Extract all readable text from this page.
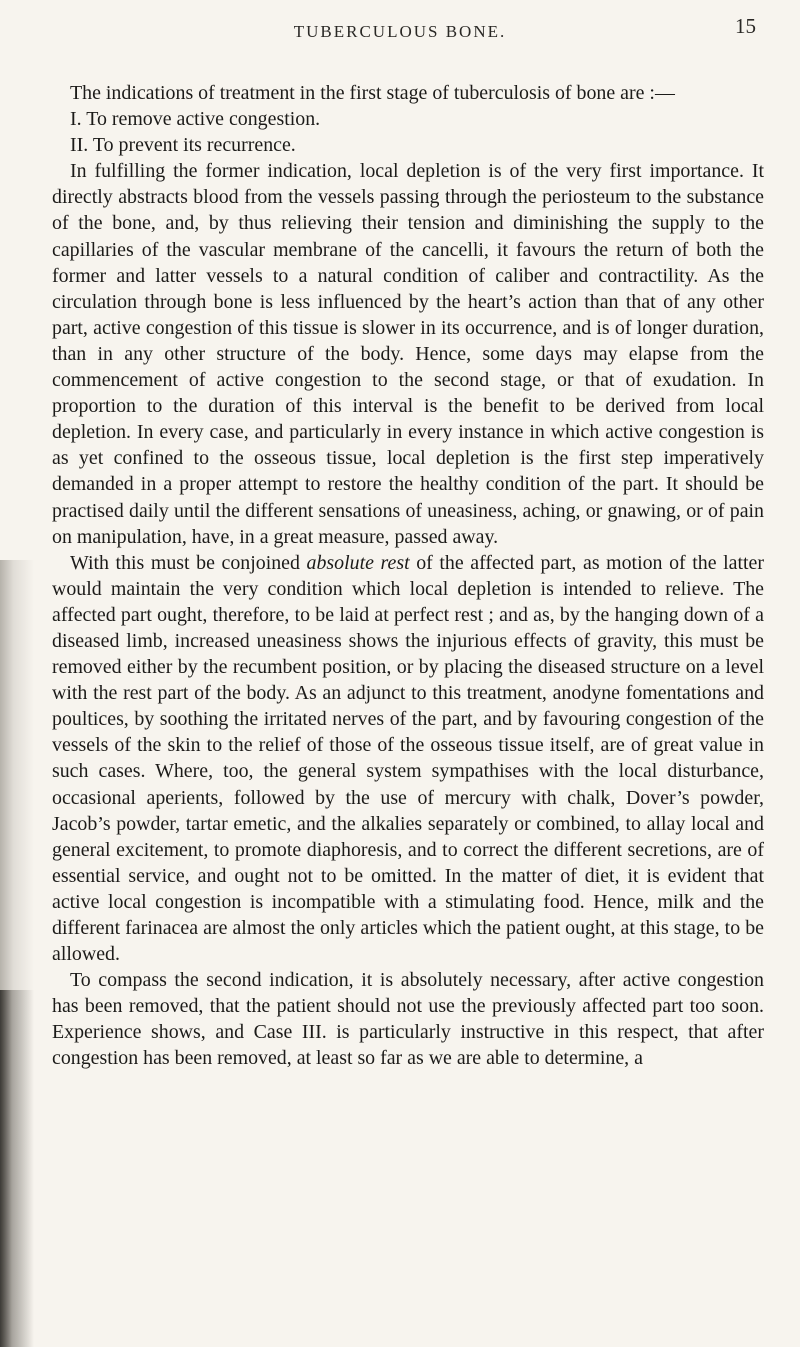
TUBERCULOUS BONE.	15

The indications of treatment in the first stage of tuberculosis of bone are :—

I. To remove active congestion.

II. To prevent its recurrence.

In fulfilling the former indication, local depletion is of the very first importance. It directly abstracts blood from the vessels passing through the periosteum to the substance of the bone, and, by thus relieving their tension and diminishing the supply to the capillaries of the vascular membrane of the cancelli, it favours the return of both the former and latter vessels to a natural condition of caliber and contractility. As the circulation through bone is less influenced by the heart’s action than that of any other part, active congestion of this tissue is slower in its occurrence, and is of longer duration, than in any other structure of the body. Hence, some days may elapse from the commencement of active congestion to the second stage, or that of exudation. In proportion to the duration of this interval is the benefit to be derived from local depletion. In every case, and particularly in every instance in which active congestion is as yet confined to the osseous tissue, local depletion is the first step imperatively demanded in a proper attempt to restore the healthy condition of the part. It should be practised daily until the different sensations of uneasiness, aching, or gnawing, or of pain on manipulation, have, in a great measure, passed away.

With this must be conjoined absolute rest of the affected part, as motion of the latter would maintain the very condition which local depletion is intended to relieve. The affected part ought, therefore, to be laid at perfect rest ; and as, by the hanging down of a diseased limb, increased uneasiness shows the injurious effects of gravity, this must be removed either by the recumbent position, or by placing the diseased structure on a level with the rest part of the body. As an adjunct to this treatment, anodyne fomentations and poultices, by soothing the irritated nerves of the part, and by favouring congestion of the vessels of the skin to the relief of those of the osseous tissue itself, are of great value in such cases. Where, too, the general system sympathises with the local disturbance, occasional aperients, followed by the use of mercury with chalk, Dover’s powder, Jacob’s powder, tartar emetic, and the alkalies separately or combined, to allay local and general excitement, to promote diaphoresis, and to correct the different secretions, are of essential service, and ought not to be omitted. In the matter of diet, it is evident that active local congestion is incompatible with a stimulating food. Hence, milk and the different farinacea are almost the only articles which the patient ought, at this stage, to be allowed.

To compass the second indication, it is absolutely necessary, after active congestion has been removed, that the patient should not use the previously affected part too soon. Experience shows, and Case III. is particularly instructive in this respect, that after congestion has been removed, at least so far as we are able to determine, a
